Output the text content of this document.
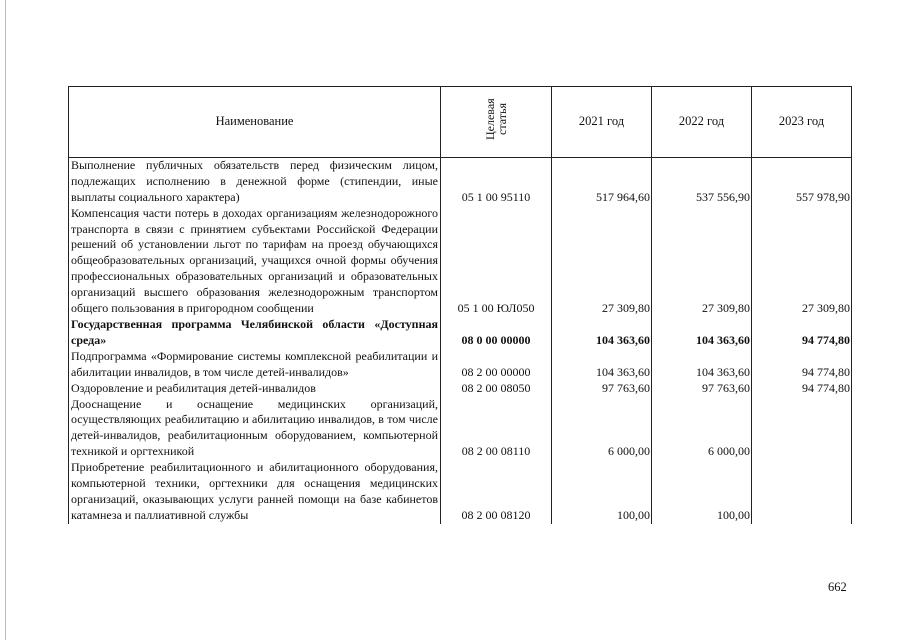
Наименование	Целевая статья	2021 год	2022 год	2023 год
Выполнение публичных обязательств перед физическим лицом, подлежащих исполнению в денежной форме (стипендии, иные выплаты социального характера)	05 1 00 95110	517 964,60	537 556,90	557 978,90
Компенсация части потерь в доходах организациям железнодорожного транспорта в связи с принятием субъектами Российской Федерации решений об установлении льгот по тарифам на проезд обучающихся общеобразовательных организаций, учащихся очной формы обучения профессиональных образовательных организаций и образовательных организаций высшего образования железнодорожным транспортом общего пользования в пригородном сообщении	05 1 00 ЮЛ050	27 309,80	27 309,80	27 309,80
Государственная программа Челябинской области «Доступная среда»	08 0 00 00000	104 363,60	104 363,60	94 774,80
Подпрограмма «Формирование системы комплексной реабилитации и абилитации инвалидов, в том числе детей-инвалидов»	08 2 00 00000	104 363,60	104 363,60	94 774,80
Оздоровление и реабилитация детей-инвалидов	08 2 00 08050	97 763,60	97 763,60	94 774,80
Дооснащение и оснащение медицинских организаций, осуществляющих реабилитацию и абилитацию инвалидов, в том числе детей-инвалидов, реабилитационным оборудованием, компьютерной техникой и оргтехникой	08 2 00 08110	6 000,00	6 000,00	
Приобретение реабилитационного и абилитационного оборудования, компьютерной техники, оргтехники для оснащения медицинских организаций, оказывающих услуги ранней помощи на базе кабинетов катамнеза и паллиативной службы	08 2 00 08120	100,00	100,00	
662
